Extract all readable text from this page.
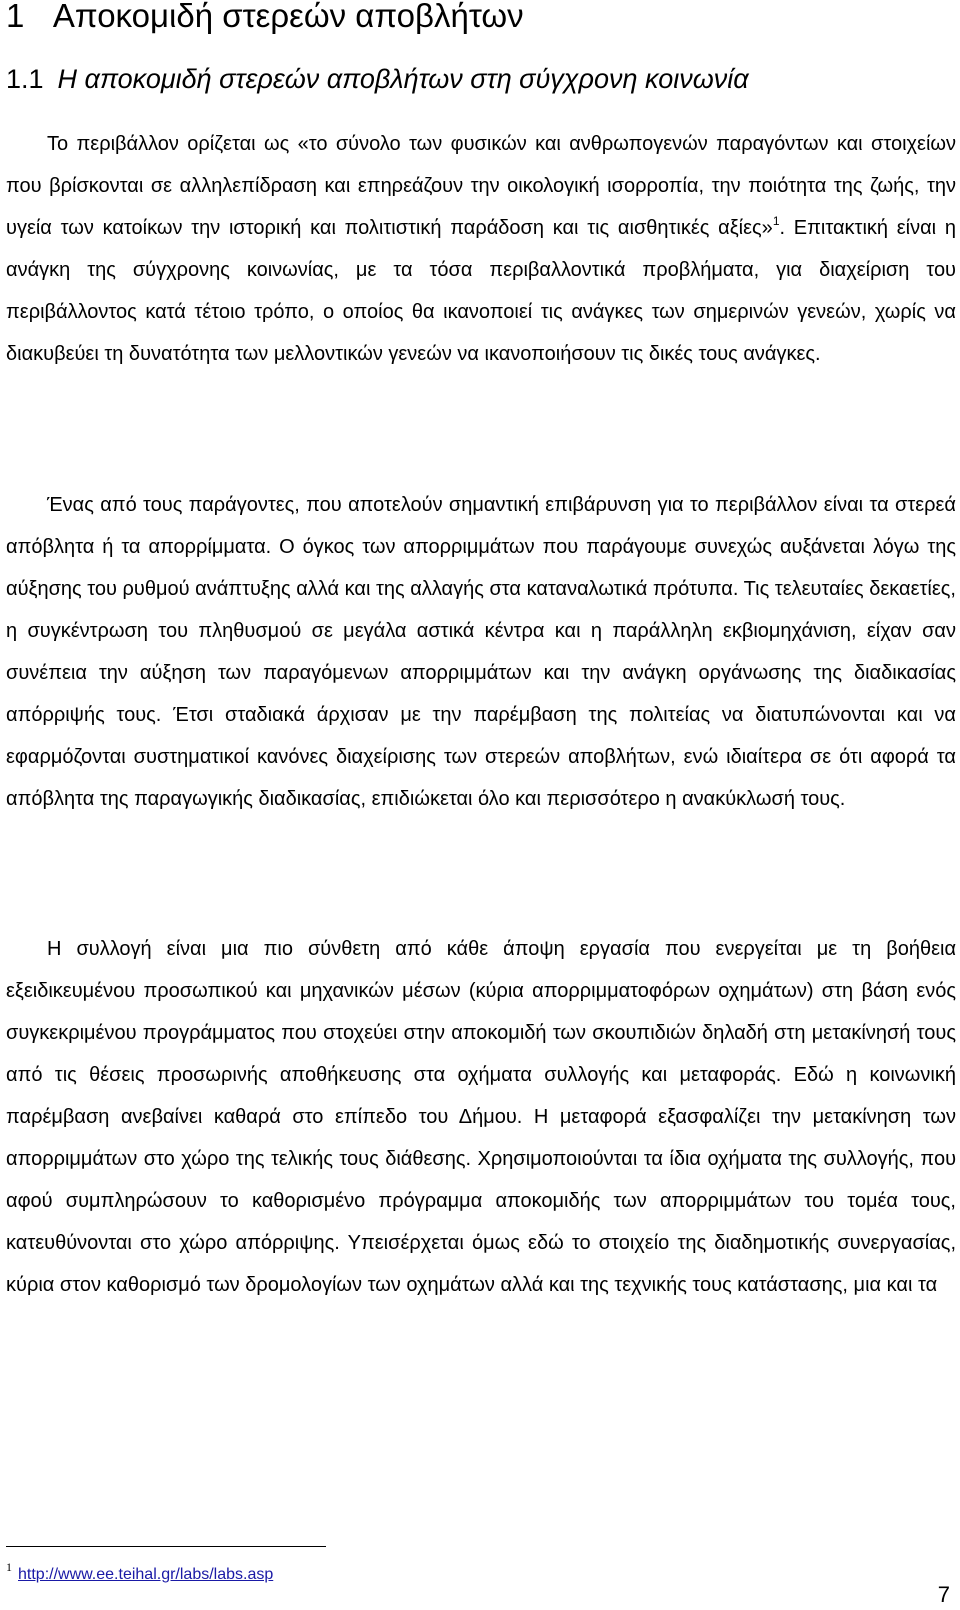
1 Αποκομιδή στερεών αποβλήτων
1.1 Η αποκομιδή στερεών αποβλήτων στη σύγχρονη κοινωνία

Το περιβάλλον ορίζεται ως «το σύνολο των φυσικών και ανθρωπογενών παραγόντων και στοιχείων που βρίσκονται σε αλληλεπίδραση και επηρεάζουν την οικολογική ισορροπία, την ποιότητα της ζωής, την υγεία των κατοίκων την ιστορική και πολιτιστική παράδοση και τις αισθητικές αξίες»$^1$. Επιτακτική είναι η ανάγκη της σύγχρονης κοινωνίας, με τα τόσα περιβαλλοντικά προβλήματα, για διαχείριση του περιβάλλοντος κατά τέτοιο τρόπο, ο οποίος θα ικανοποιεί τις ανάγκες των σημερινών γενεών, χωρίς να διακυβεύει τη δυνατότητα των μελλοντικών γενεών να ικανοποιήσουν τις δικές τους ανάγκες.

Ένας από τους παράγοντες, που αποτελούν σημαντική επιβάρυνση για το περιβάλλον είναι τα στερεά απόβλητα ή τα απορρίμματα. Ο όγκος των απορριμμάτων που παράγουμε συνεχώς αυξάνεται λόγω της αύξησης του ρυθμού ανάπτυξης αλλά και της αλλαγής στα καταναλωτικά πρότυπα. Τις τελευταίες δεκαετίες, η συγκέντρωση του πληθυσμού σε μεγάλα αστικά κέντρα και η παράλληλη εκβιομηχάνιση, είχαν σαν συνέπεια την αύξηση των παραγόμενων απορριμμάτων και την ανάγκη οργάνωσης της διαδικασίας απόρριψής τους. Έτσι σταδιακά άρχισαν με την παρέμβαση της πολιτείας να διατυπώνονται και να εφαρμόζονται συστηματικοί κανόνες διαχείρισης των στερεών αποβλήτων, ενώ ιδιαίτερα σε ότι αφορά τα απόβλητα της παραγωγικής διαδικασίας, επιδιώκεται όλο και περισσότερο η ανακύκλωσή τους.

Η συλλογή είναι μια πιο σύνθετη από κάθε άποψη εργασία που ενεργείται με τη βοήθεια εξειδικευμένου προσωπικού και μηχανικών μέσων (κύρια απορριμματοφόρων οχημάτων) στη βάση ενός συγκεκριμένου προγράμματος που στοχεύει στην αποκομιδή των σκουπιδιών δηλαδή στη μετακίνησή τους από τις θέσεις προσωρινής αποθήκευσης στα οχήματα συλλογής και μεταφοράς. Εδώ η κοινωνική παρέμβαση ανεβαίνει καθαρά στο επίπεδο του Δήμου. Η μεταφορά εξασφαλίζει την μετακίνηση των απορριμμάτων στο χώρο της τελικής τους διάθεσης. Χρησιμοποιούνται τα ίδια οχήματα της συλλογής, που αφού συμπληρώσουν το καθορισμένο πρόγραμμα αποκομιδής των απορριμμάτων του τομέα τους, κατευθύνονται στο χώρο απόρριψης. Υπεισέρχεται όμως εδώ το στοιχείο της διαδημοτικής συνεργασίας, κύρια στον καθορισμό των δρομολογίων των οχημάτων αλλά και της τεχνικής τους κατάστασης, μια και τα

$^1$ http://www.ee.teihal.gr/labs/labs.asp
7
